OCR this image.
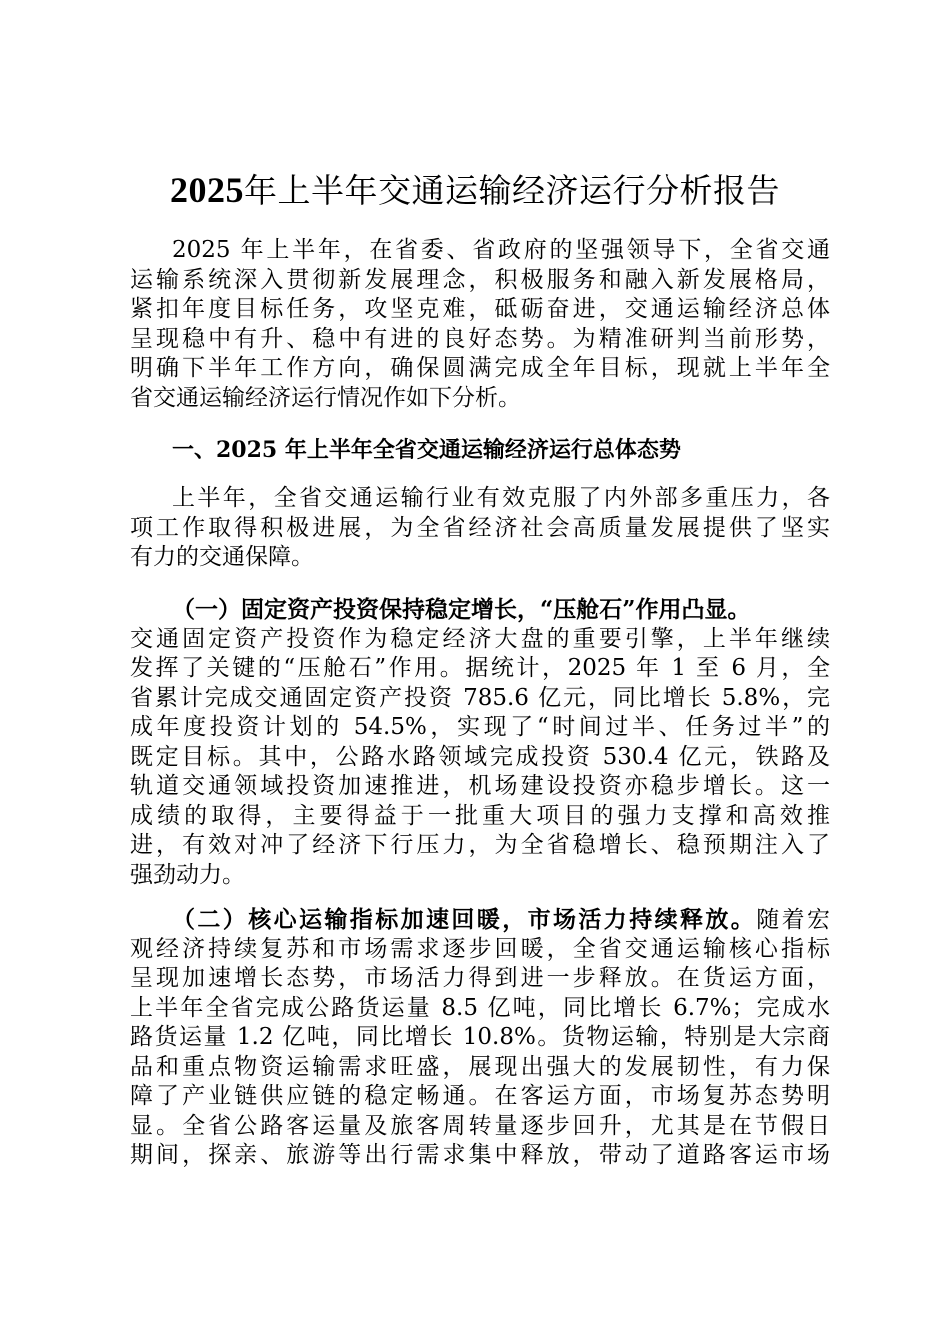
2025年上半年交通运输经济运行分析报告
2025 年上半年，在省委、省政府的坚强领导下，全省交通
运输系统深入贯彻新发展理念，积极服务和融入新发展格局，
紧扣年度目标任务，攻坚克难，砥砺奋进，交通运输经济总体
呈现稳中有升、稳中有进的良好态势。为精准研判当前形势，
明确下半年工作方向，确保圆满完成全年目标，现就上半年全
省交通运输经济运行情况作如下分析。
一、2025 年上半年全省交通运输经济运行总体态势
上半年，全省交通运输行业有效克服了内外部多重压力，各
项工作取得积极进展，为全省经济社会高质量发展提供了坚实
有力的交通保障。
（一）固定资产投资保持稳定增长，“压舱石”作用凸显。
交通固定资产投资作为稳定经济大盘的重要引擎，上半年继续
发挥了关键的“压舱石”作用。据统计，2025 年 1 至 6 月，全
省累计完成交通固定资产投资 785.6 亿元，同比增长 5.8%，完
成年度投资计划的 54.5%，实现了“时间过半、任务过半”的
既定目标。其中，公路水路领域完成投资 530.4 亿元，铁路及
轨道交通领域投资加速推进，机场建设投资亦稳步增长。这一
成绩的取得，主要得益于一批重大项目的强力支撑和高效推
进，有效对冲了经济下行压力，为全省稳增长、稳预期注入了
强劲动力。
（二）核心运输指标加速回暖，市场活力持续释放。随着宏
观经济持续复苏和市场需求逐步回暖，全省交通运输核心指标
呈现加速增长态势，市场活力得到进一步释放。在货运方面，
上半年全省完成公路货运量 8.5 亿吨，同比增长 6.7%；完成水
路货运量 1.2 亿吨，同比增长 10.8%。货物运输，特别是大宗商
品和重点物资运输需求旺盛，展现出强大的发展韧性，有力保
障了产业链供应链的稳定畅通。在客运方面，市场复苏态势明
显。全省公路客运量及旅客周转量逐步回升，尤其是在节假日
期间，探亲、旅游等出行需求集中释放，带动了道路客运市场
